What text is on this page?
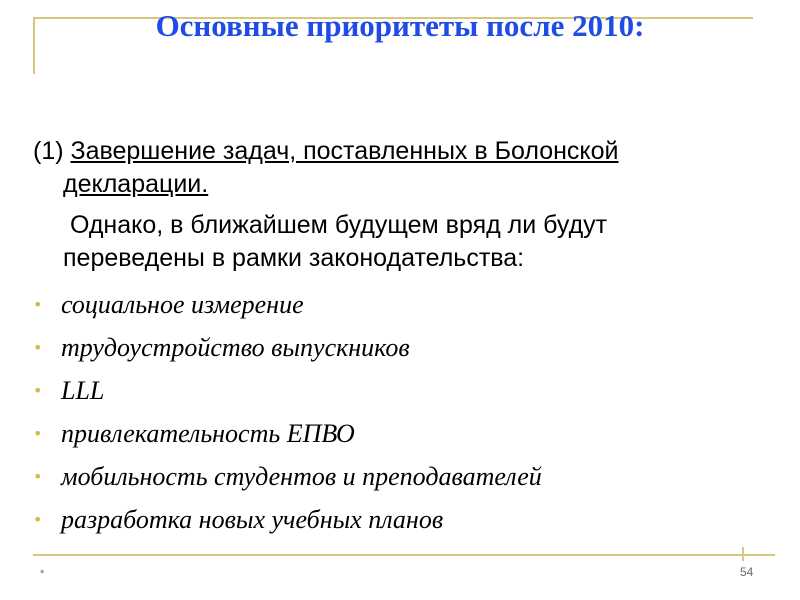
Основные приоритеты после 2010:
(1) Завершение задач, поставленных в Болонской
декларации.
Однако, в ближайшем будущем вряд ли будут
переведены в рамки законодательства:
• социальное измерение
• трудоустройство выпускников
• LLL
• привлекательность ЕПВО
• мобильность студентов и преподавателей
• разработка новых учебных планов
*	54
